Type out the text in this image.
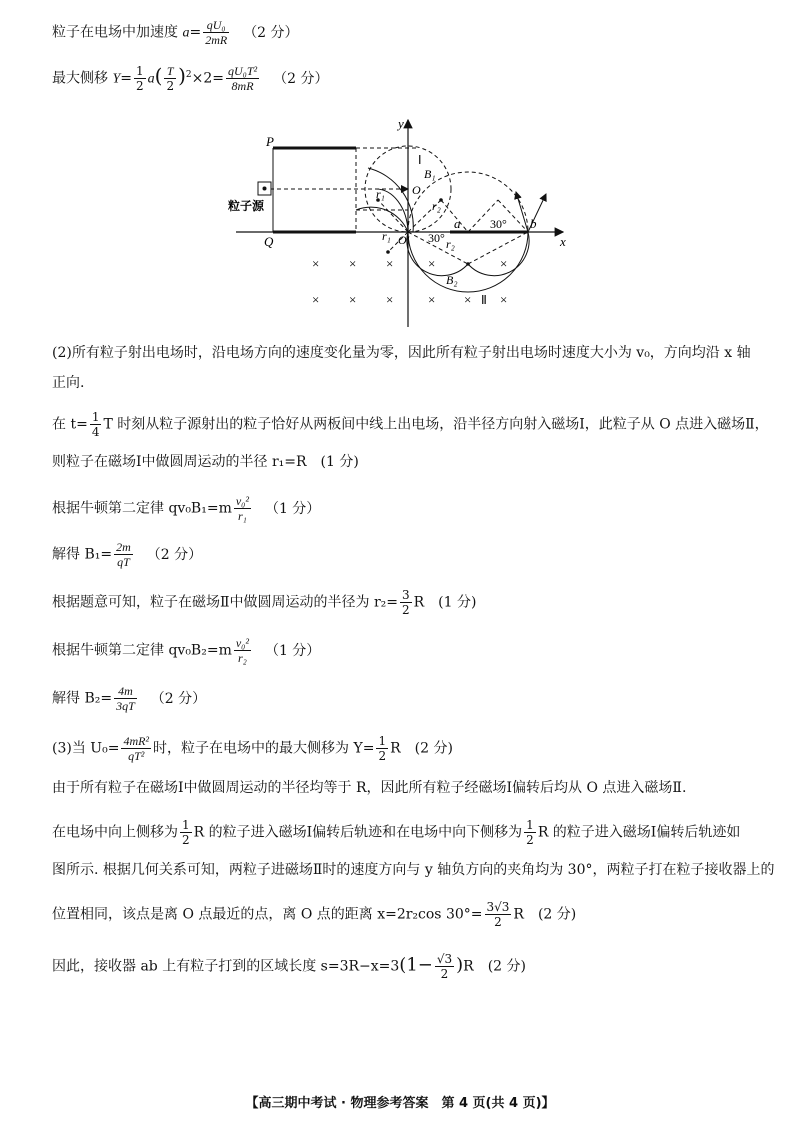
粒子在电场中加速度 $a= \frac{\text{qU₀}}{2mR} (2$ 分）
最大侧移 $Y= \frac{1}{2} a( \frac{T}{2} )^2\times 2= \frac{\text{qU₀T²}}{8mR} (2$ 分）
P
Q
粒子源
y
x
O
O′
Ⅰ
Ⅱ
B₁
B₂
r₁
r₁
r₂
r₂
a	b
30°
30°
× × ×	×	×
× × ×	× × ×
(2)所有粒子射出电场时，沿电场方向的速度变化量为零，因此所有粒子射出电场时速度大小为 v₀，方向均沿 x 轴正向.
在 $t= \frac{1}{4}$ T 时刻从粒子源射出的粒子恰好从两板间中线上出电场，沿半径方向射入磁场Ⅰ，此粒子从 O 点进入磁场Ⅱ，
则粒子在磁场Ⅰ中做圆周运动的半径 r₁=R　(1 分)
根据牛顿第二定律 $qv_0B_1=m \frac{\text{v₀²}}{\text{r₁}} (1$ 分）
解得 $B_1= \frac{2m}{qT} (2$ 分）
根据题意可知，粒子在磁场Ⅱ中做圆周运动的半径为 $r_2= \frac{3}{2}$ R　(1 分)
根据牛顿第二定律 $qv_0B_2=m \frac{\text{v₀²}}{\text{r₂}} (1$ 分）
解得 $B_2= \frac{4m}{3qT} (2$ 分）
(3)当 $U_0= \frac{\text{4mR²}}{\text{qT²}}$ 时，粒子在电场中的最大侧移为 $Y= \frac{1}{2}$ R　(2 分)
由于所有粒子在磁场Ⅰ中做圆周运动的半径均等于 R，因此所有粒子经磁场Ⅰ偏转后均从 O 点进入磁场Ⅱ.
在电场中向上侧移为 $\frac{1}{2}$ R 的粒子进入磁场Ⅰ偏转后轨迹和在电场中向下侧移为 $\frac{1}{2}$ R 的粒子进入磁场Ⅰ偏转后轨迹如
图所示. 根据几何关系可知，两粒子进磁场Ⅱ时的速度方向与 y 轴负方向的夹角均为 30°，两粒子打在粒子接收器上的
位置相同，该点是离 O 点最近的点，离 O 点的距离 x=2r₂cos $30^\circ= \frac{3√3}{2}$ R　(2 分)
因此，接收器 ab 上有粒子打到的区域长度 $s=3R-x=3(1- \frac{√3}{2} )R$　(2 分)
【高三期中考试 · 物理参考答案　第 4 页(共 4 页)】
